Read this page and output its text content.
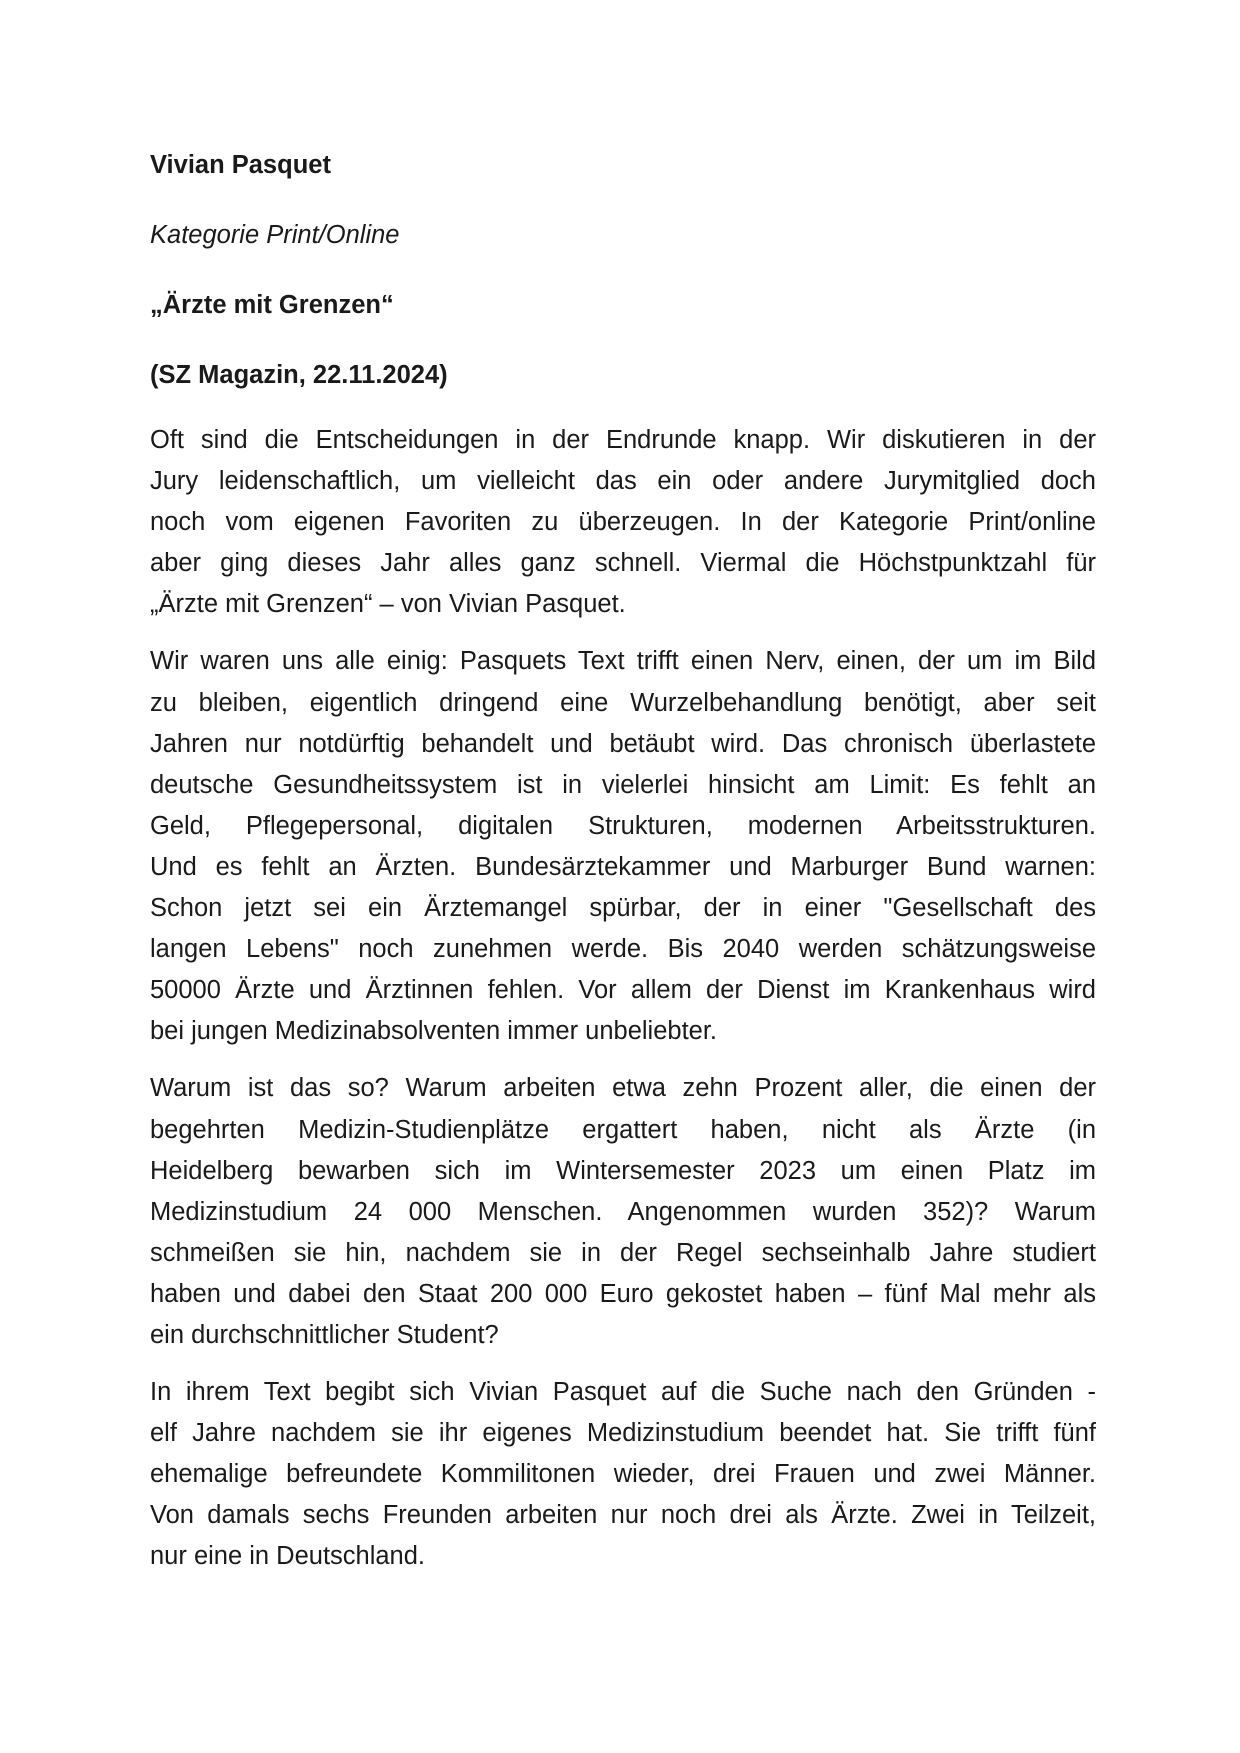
Vivian Pasquet

Kategorie Print/Online

„Ärzte mit Grenzen“

(SZ Magazin, 22.11.2024)

Oft sind die Entscheidungen in der Endrunde knapp. Wir diskutieren in der
Jury leidenschaftlich, um vielleicht das ein oder andere Jurymitglied doch
noch vom eigenen Favoriten zu überzeugen. In der Kategorie Print/online
aber ging dieses Jahr alles ganz schnell. Viermal die Höchstpunktzahl für
„Ärzte mit Grenzen“ – von Vivian Pasquet.
Wir waren uns alle einig: Pasquets Text trifft einen Nerv, einen, der um im Bild
zu bleiben, eigentlich dringend eine Wurzelbehandlung benötigt, aber seit
Jahren nur notdürftig behandelt und betäubt wird. Das chronisch überlastete
deutsche Gesundheitssystem ist in vielerlei hinsicht am Limit: Es fehlt an
Geld, Pflegepersonal, digitalen Strukturen, modernen Arbeitsstrukturen.
Und es fehlt an Ärzten. Bundesärztekammer und Marburger Bund warnen:
Schon jetzt sei ein Ärztemangel spürbar, der in einer "Gesellschaft des
langen Lebens" noch zunehmen werde. Bis 2040 werden schätzungsweise
50000 Ärzte und Ärztinnen fehlen. Vor allem der Dienst im Krankenhaus wird
bei jungen Medizinabsolventen immer unbeliebter.
Warum ist das so? Warum arbeiten etwa zehn Prozent aller, die einen der
begehrten Medizin-Studienplätze ergattert haben, nicht als Ärzte (in
Heidelberg bewarben sich im Wintersemester 2023 um einen Platz im
Medizinstudium 24 000 Menschen. Angenommen wurden 352)? Warum
schmeißen sie hin, nachdem sie in der Regel sechseinhalb Jahre studiert
haben und dabei den Staat 200 000 Euro gekostet haben – fünf Mal mehr als
ein durchschnittlicher Student?
In ihrem Text begibt sich Vivian Pasquet auf die Suche nach den Gründen -
elf Jahre nachdem sie ihr eigenes Medizinstudium beendet hat. Sie trifft fünf
ehemalige befreundete Kommilitonen wieder, drei Frauen und zwei Männer.
Von damals sechs Freunden arbeiten nur noch drei als Ärzte. Zwei in Teilzeit,
nur eine in Deutschland.
